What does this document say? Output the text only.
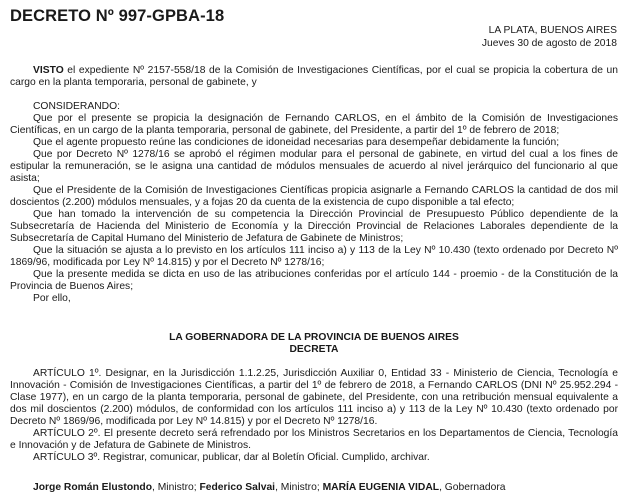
DECRETO Nº 997-GPBA-18
LA PLATA, BUENOS AIRES
Jueves 30 de agosto de 2018

VISTO el expediente Nº 2157-558/18 de la Comisión de Investigaciones Científicas, por el cual se propicia la cobertura de un cargo en la planta temporaria, personal de gabinete, y

CONSIDERANDO:

Que por el presente se propicia la designación de Fernando CARLOS, en el ámbito de la Comisión de Investigaciones Científicas, en un cargo de la planta temporaria, personal de gabinete, del Presidente, a partir del 1º de febrero de 2018;

Que el agente propuesto reúne las condiciones de idoneidad necesarias para desempeñar debidamente la función;

Que por Decreto Nº 1278/16 se aprobó el régimen modular para el personal de gabinete, en virtud del cual a los fines de estipular la remuneración, se le asigna una cantidad de módulos mensuales de acuerdo al nivel jerárquico del funcionario al que asista;

Que el Presidente de la Comisión de Investigaciones Científicas propicia asignarle a Fernando CARLOS la cantidad de dos mil doscientos (2.200) módulos mensuales, y a fojas 20 da cuenta de la existencia de cupo disponible a tal efecto;

Que han tomado la intervención de su competencia la Dirección Provincial de Presupuesto Público dependiente de la Subsecretaría de Hacienda del Ministerio de Economía y la Dirección Provincial de Relaciones Laborales dependiente de la Subsecretaría de Capital Humano del Ministerio de Jefatura de Gabinete de Ministros;

Que la situación se ajusta a lo previsto en los artículos 111 inciso a) y 113 de la Ley Nº 10.430 (texto ordenado por Decreto Nº 1869/96, modificada por Ley Nº 14.815) y por el Decreto Nº 1278/16;

Que la presente medida se dicta en uso de las atribuciones conferidas por el artículo 144 - proemio - de la Constitución de la Provincia de Buenos Aires;

Por ello,

LA GOBERNADORA DE LA PROVINCIA DE BUENOS AIRES

DECRETA

ARTÍCULO 1º. Designar, en la Jurisdicción 1.1.2.25, Jurisdicción Auxiliar 0, Entidad 33 - Ministerio de Ciencia, Tecnología e Innovación - Comisión de Investigaciones Científicas, a partir del 1º de febrero de 2018, a Fernando CARLOS (DNI Nº 25.952.294 - Clase 1977), en un cargo de la planta temporaria, personal de gabinete, del Presidente, con una retribución mensual equivalente a dos mil doscientos (2.200) módulos, de conformidad con los artículos 111 inciso a) y 113 de la Ley Nº 10.430 (texto ordenado por Decreto Nº 1869/96, modificada por Ley Nº 14.815) y por el Decreto Nº 1278/16.

ARTÍCULO 2º. El presente decreto será refrendado por los Ministros Secretarios en los Departamentos de Ciencia, Tecnología e Innovación y de Jefatura de Gabinete de Ministros.

ARTÍCULO 3º. Registrar, comunicar, publicar, dar al Boletín Oficial. Cumplido, archivar.

Jorge Román Elustondo, Ministro; Federico Salvai, Ministro; MARÍA EUGENIA VIDAL, Gobernadora
